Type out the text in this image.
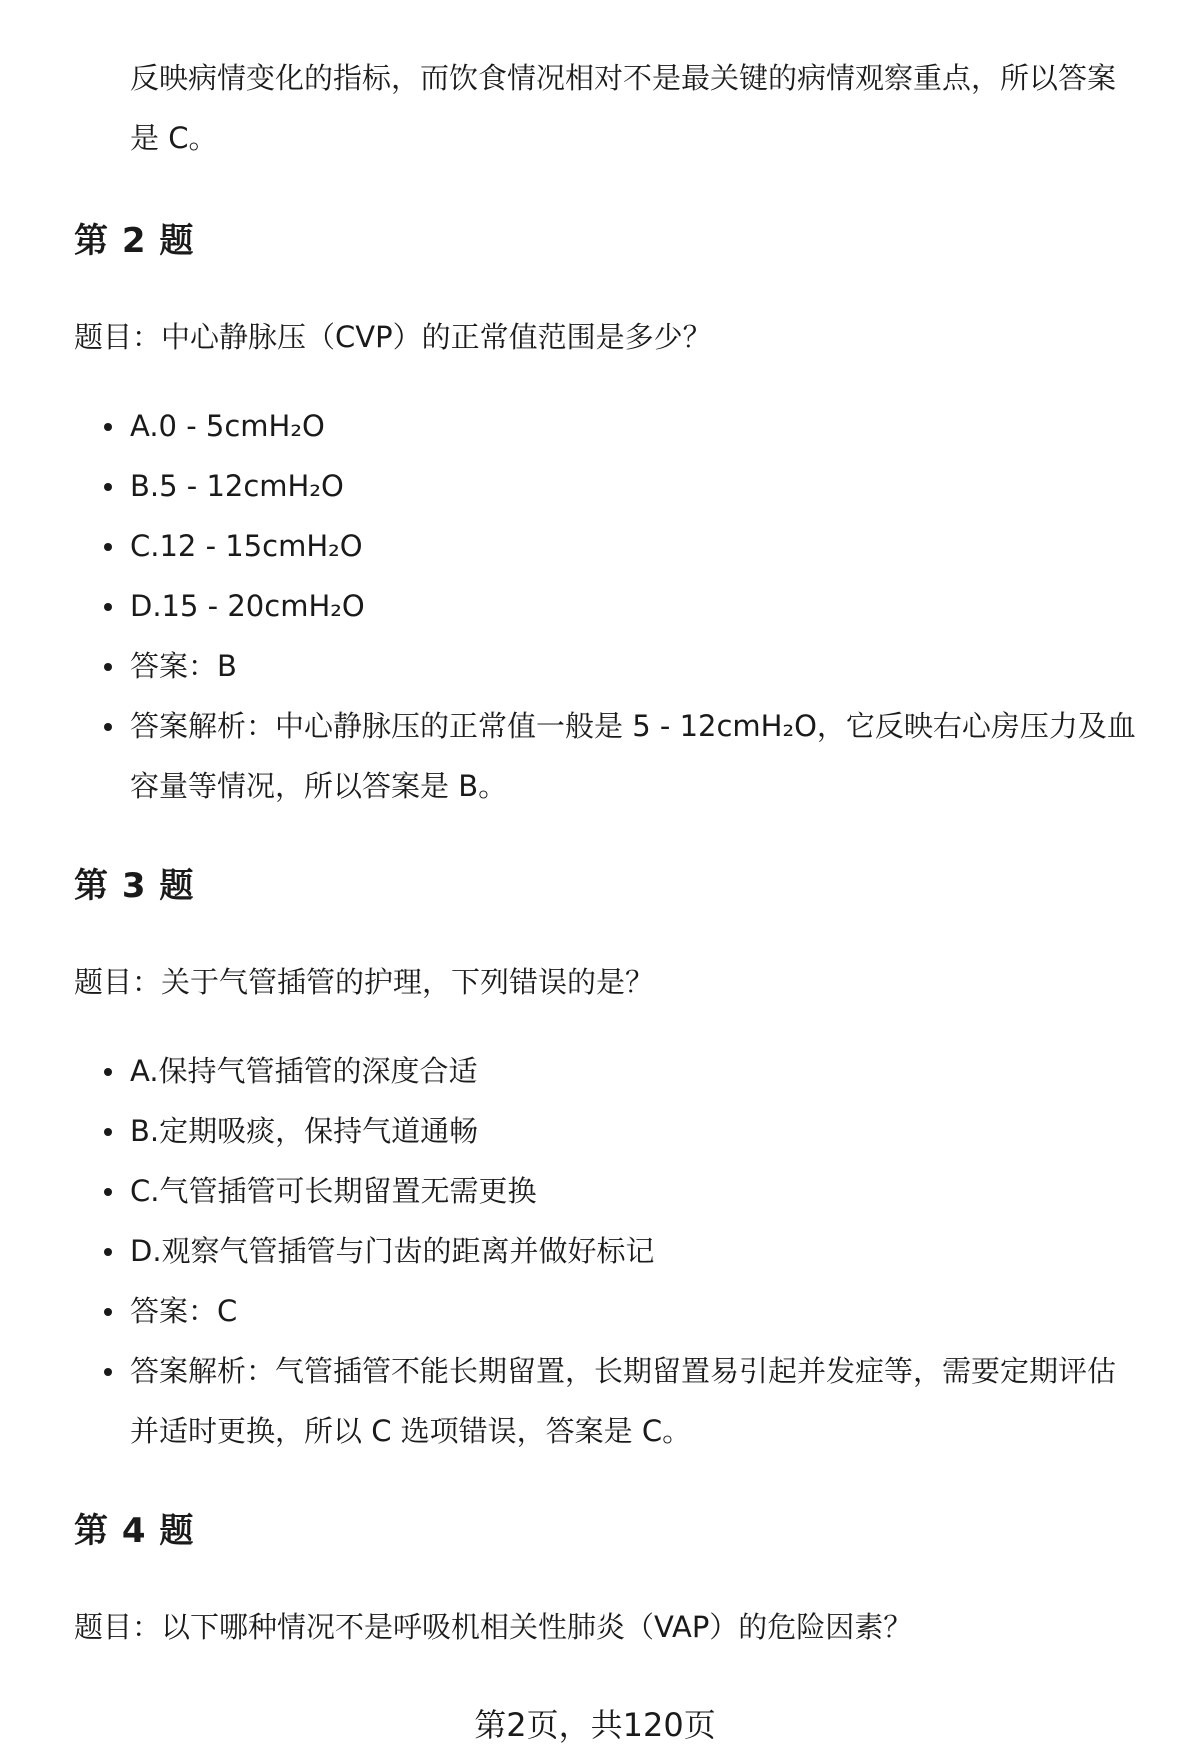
反映病情变化的指标，而饮食情况相对不是最关键的病情观察重点，所以答案
是 C。
第 2 题
题目：中心静脉压（CVP）的正常值范围是多少？
A.0 - 5cmH₂O
B.5 - 12cmH₂O
C.12 - 15cmH₂O
D.15 - 20cmH₂O
答案：B
答案解析：中心静脉压的正常值一般是 5 - 12cmH₂O，它反映右心房压力及血
容量等情况，所以答案是 B。
第 3 题
题目：关于气管插管的护理，下列错误的是？
A.保持气管插管的深度合适
B.定期吸痰，保持气道通畅
C.气管插管可长期留置无需更换
D.观察气管插管与门齿的距离并做好标记
答案：C
答案解析：气管插管不能长期留置，长期留置易引起并发症等，需要定期评估
并适时更换，所以 C 选项错误，答案是 C。
第 4 题
题目：以下哪种情况不是呼吸机相关性肺炎（VAP）的危险因素？
第2页，共120页
